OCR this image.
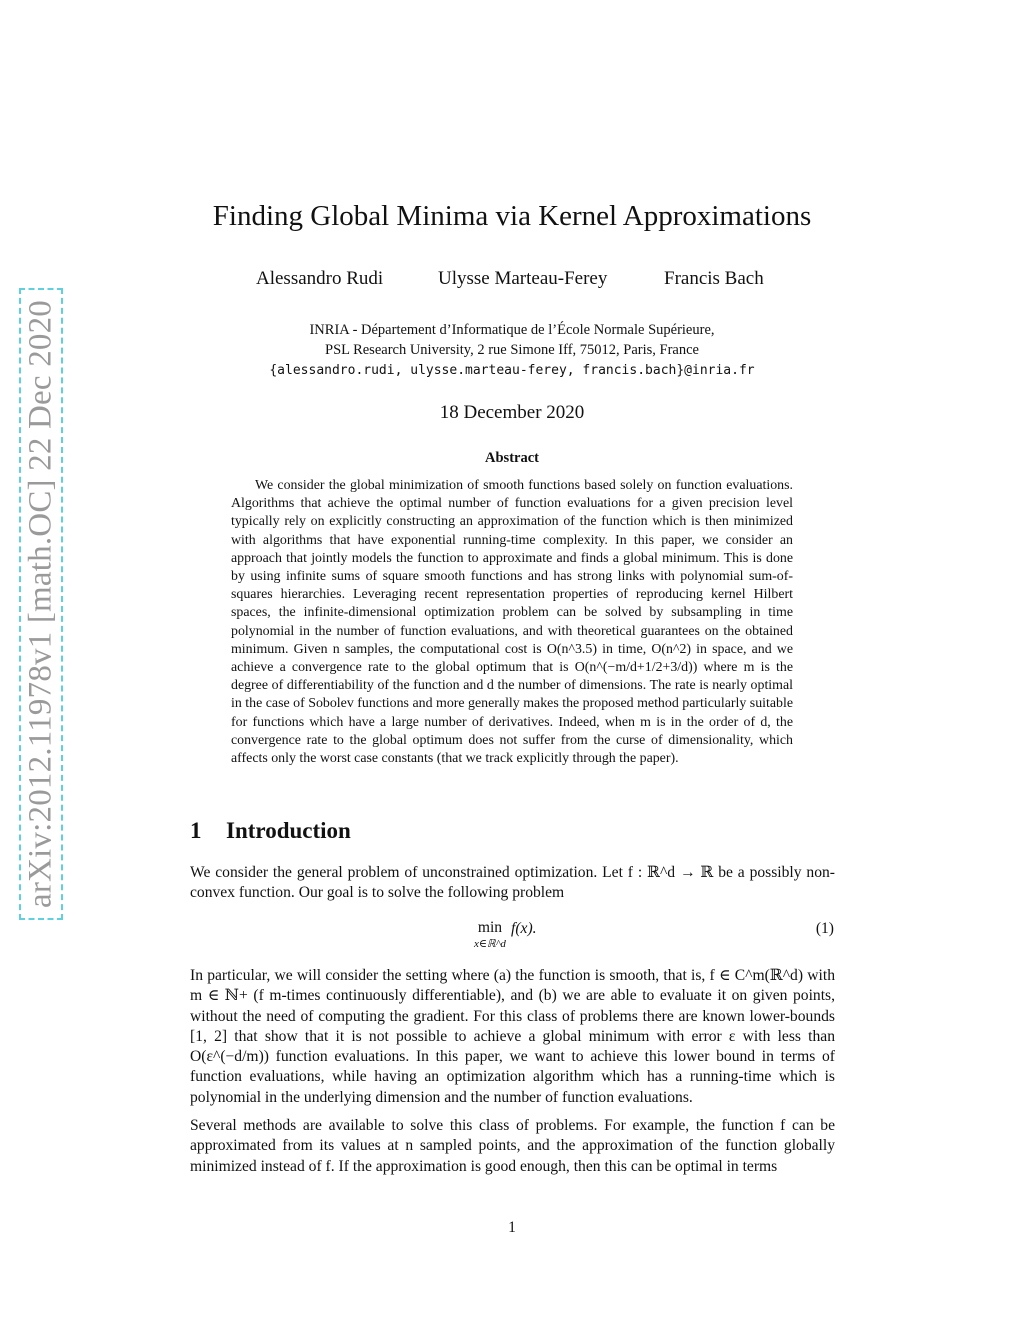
arXiv:2012.11978v1 [math.OC] 22 Dec 2020
Finding Global Minima via Kernel Approximations
Alessandro Rudi	Ulysse Marteau-Ferey	Francis Bach
INRIA - Département d’Informatique de l’École Normale Supérieure,
PSL Research University, 2 rue Simone Iff, 75012, Paris, France
{alessandro.rudi, ulysse.marteau-ferey, francis.bach}@inria.fr
18 December 2020
Abstract
We consider the global minimization of smooth functions based solely on function evaluations. Algorithms that achieve the optimal number of function evaluations for a given precision level typically rely on explicitly constructing an approximation of the function which is then minimized with algorithms that have exponential running-time complexity. In this paper, we consider an approach that jointly models the function to approximate and finds a global minimum. This is done by using infinite sums of square smooth functions and has strong links with polynomial sum-of-squares hierarchies. Leveraging recent representation properties of reproducing kernel Hilbert spaces, the infinite-dimensional optimization problem can be solved by subsampling in time polynomial in the number of function evaluations, and with theoretical guarantees on the obtained minimum. Given n samples, the computational cost is O(n^3.5) in time, O(n^2) in space, and we achieve a convergence rate to the global optimum that is O(n^(−m/d+1/2+3/d)) where m is the degree of differentiability of the function and d the number of dimensions. The rate is nearly optimal in the case of Sobolev functions and more generally makes the proposed method particularly suitable for functions which have a large number of derivatives. Indeed, when m is in the order of d, the convergence rate to the global optimum does not suffer from the curse of dimensionality, which affects only the worst case constants (that we track explicitly through the paper).
1 Introduction
We consider the general problem of unconstrained optimization. Let f : ℝ^d → ℝ be a possibly non-convex function. Our goal is to solve the following problem
min
x∈ℝ^d
f(x).	(1)
In particular, we will consider the setting where (a) the function is smooth, that is, f ∈ C^m(ℝ^d) with m ∈ ℕ+ (f m-times continuously differentiable), and (b) we are able to evaluate it on given points, without the need of computing the gradient. For this class of problems there are known lower-bounds [1, 2] that show that it is not possible to achieve a global minimum with error ε with less than O(ε^(−d/m)) function evaluations. In this paper, we want to achieve this lower bound in terms of function evaluations, while having an optimization algorithm which has a running-time which is polynomial in the underlying dimension and the number of function evaluations.
Several methods are available to solve this class of problems. For example, the function f can be approximated from its values at n sampled points, and the approximation of the function globally minimized instead of f. If the approximation is good enough, then this can be optimal in terms
1
